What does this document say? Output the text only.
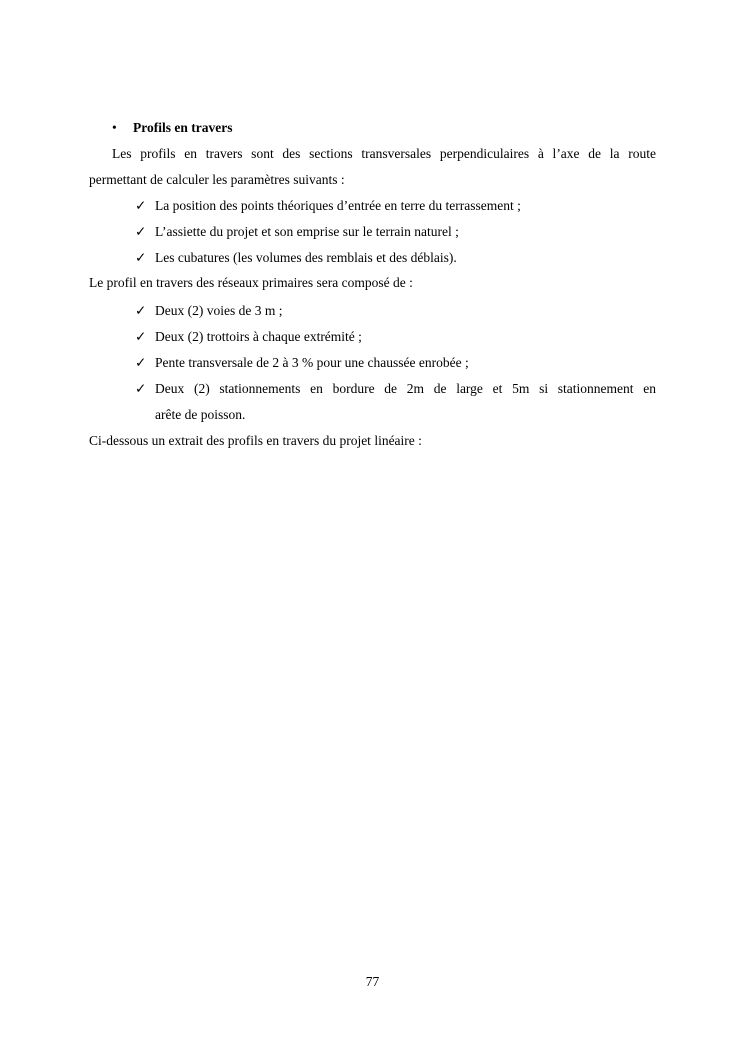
• Profils en travers
Les profils en travers sont des sections transversales perpendiculaires à l’axe de la route
permettant de calculer les paramètres suivants :
✓ La position des points théoriques d’entrée en terre du terrassement ;
✓ L’assiette du projet et son emprise sur le terrain naturel ;
✓ Les cubatures (les volumes des remblais et des déblais).
Le profil en travers des réseaux primaires sera composé de :
✓ Deux (2) voies de 3 m ;
✓ Deux (2) trottoirs à chaque extrémité ;
✓ Pente transversale de 2 à 3 % pour une chaussée enrobée ;
✓ Deux (2) stationnements en bordure de 2m de large et 5m si stationnement en
arête de poisson.
Ci-dessous un extrait des profils en travers du projet linéaire :
77
